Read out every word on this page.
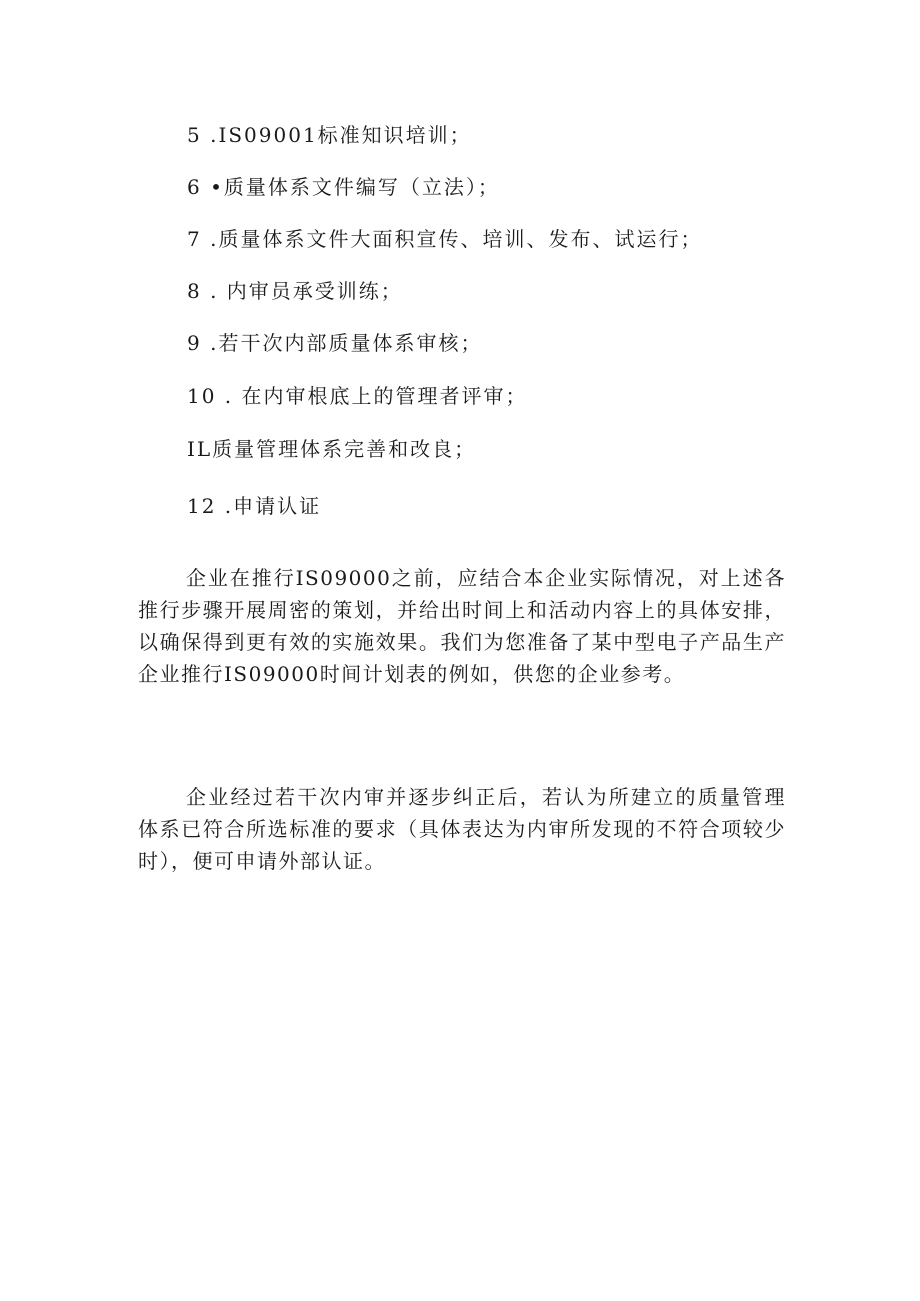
5 .IS09001标准知识培训；
6 •质量体系文件编写（立法）；
7 .质量体系文件大面积宣传、培训、发布、试运行；
8 . 内审员承受训练；
9 .若干次内部质量体系审核；
10 . 在内审根底上的管理者评审；
IL质量管理体系完善和改良；
12 .申请认证

企业在推行IS09000之前，应结合本企业实际情况，对上述各推行步骤开展周密的策划，并给出时间上和活动内容上的具体安排，以确保得到更有效的实施效果。我们为您准备了某中型电子产品生产企业推行IS09000时间计划表的例如，供您的企业参考。

企业经过若干次内审并逐步纠正后，若认为所建立的质量管理体系已符合所选标准的要求（具体表达为内审所发现的不符合项较少时），便可申请外部认证。
